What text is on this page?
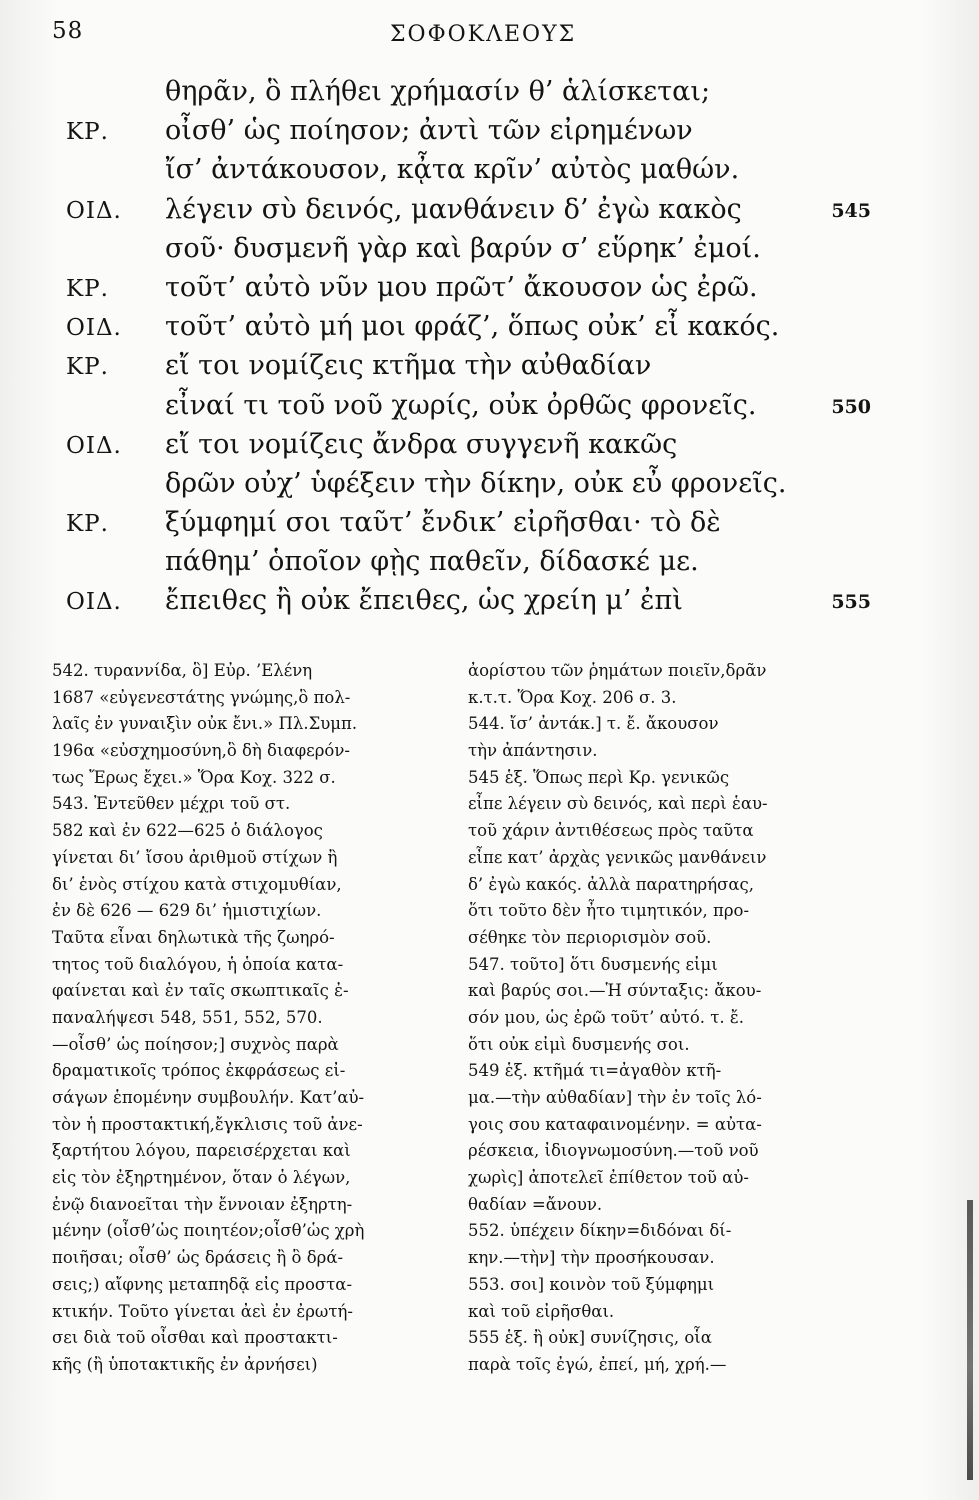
58	ΣΟΦΟΚΛΕΟΥΣ
θηρᾶν, ὃ πλήθει χρήμασίν θ’ ἁλίσκεται;
ΚΡ. οἶσθ’ ὡς ποίησον; ἀντὶ τῶν εἰρημένων
ἴσ’ ἀντάκουσον, κᾆτα κρῖν’ αὐτὸς μαθών.
ΟΙΔ. λέγειν σὺ δεινός, μανθάνειν δ’ ἐγὼ κακὸς	545
σοῦ· δυσμενῆ γὰρ καὶ βαρύν σ’ εὕρηκ’ ἐμοί.
ΚΡ. τοῦτ’ αὐτὸ νῦν μου πρῶτ’ ἄκουσον ὡς ἐρῶ.
ΟΙΔ. τοῦτ’ αὐτὸ μή μοι φράζ’, ὅπως οὐκ’ εἶ κακός.
ΚΡ. εἴ τοι νομίζεις κτῆμα τὴν αὐθαδίαν
εἶναί τι τοῦ νοῦ χωρίς, οὐκ ὀρθῶς φρονεῖς.	550
ΟΙΔ. εἴ τοι νομίζεις ἄνδρα συγγενῆ κακῶς
δρῶν οὐχ’ ὑφέξειν τὴν δίκην, οὐκ εὖ φρονεῖς.
ΚΡ. ξύμφημί σοι ταῦτ’ ἔνδικ’ εἰρῆσθαι· τὸ δὲ
πάθημ’ ὁποῖον φῂς παθεῖν, δίδασκέ με.
ΟΙΔ. ἔπειθες ἢ οὐκ ἔπειθες, ὡς χρείη μ’ ἐπὶ	555
542. τυραννίδα, ὃ] Εὐρ. ’Ελένη
1687 «εὐγενεστάτης γνώμης,ὃ πολ-
λαῖς ἐν γυναιξὶν οὐκ ἔνι.» Πλ.Συμπ.
196α «εὐσχημοσύνη,ὃ δὴ διαφερόν-
τως Ἔρως ἔχει.» Ὅρα Κοχ. 322 σ.
543. Ἐντεῦθεν μέχρι τοῦ στ.
582 καὶ ἐν 622—625 ὁ διάλογος
γίνεται δι’ ἴσου ἀριθμοῦ στίχων ἢ
δι’ ἑνὸς στίχου κατὰ στιχομυθίαν,
ἐν δὲ 626 — 629 δι’ ἡμιστιχίων.
Ταῦτα εἶναι δηλωτικὰ τῆς ζωηρό-
τητος τοῦ διαλόγου, ἡ ὁποία κατα-
φαίνεται καὶ ἐν ταῖς σκωπτικαῖς ἐ-
παναλήψεσι 548, 551, 552, 570.
—οἶσθ’ ὡς ποίησον;] συχνὸς παρὰ
δραματικοῖς τρόπος ἐκφράσεως εἰ-
σάγων ἑπομένην συμβουλήν. Κατ’αὐ-
τὸν ἡ προστακτική,ἔγκλισις τοῦ ἀνε-
ξαρτήτου λόγου, παρεισέρχεται καὶ
εἰς τὸν ἐξηρτημένον, ὅταν ὁ λέγων,
ἐνῷ διανοεῖται τὴν ἔννοιαν ἐξηρτη-
μένην (οἶσθ’ὡς ποιητέον;οἶσθ’ὡς χρὴ
ποιῆσαι; οἶσθ’ ὡς δράσεις ἢ ὃ δρά-
σεις;) αἴφνης μεταπηδᾷ εἰς προστα-
κτικήν. Τοῦτο γίνεται ἀεὶ ἐν ἐρωτή-
σει διὰ τοῦ οἶσθαι καὶ προστακτι-
κῆς (ἢ ὑποτακτικῆς ἐν ἀρνήσει)
ἀορίστου τῶν ῥημάτων ποιεῖν,δρᾶν
κ.τ.τ. Ὅρα Κοχ. 206 σ. 3.
544. ἴσ’ ἀντάκ.] τ. ἔ. ἄκουσον
τὴν ἀπάντησιν.
545 ἑξ. Ὅπως περὶ Κρ. γενικῶς
εἶπε λέγειν σὺ δεινός, καὶ περὶ ἑαυ-
τοῦ χάριν ἀντιθέσεως πρὸς ταῦτα
εἶπε κατ’ ἀρχὰς γενικῶς μανθάνειν
δ’ ἐγὼ κακός. ἀλλὰ παρατηρήσας,
ὅτι τοῦτο δὲν ἦτο τιμητικόν, προ-
σέθηκε τὸν περιορισμὸν σοῦ.
547. τοῦτο] ὅτι δυσμενής εἰμι
καὶ βαρύς σοι.—Ἡ σύνταξις: ἄκου-
σόν μου, ὡς ἐρῶ τοῦτ’ αὐτό. τ. ἔ.
ὅτι οὐκ εἰμὶ δυσμενής σοι.
549 ἑξ. κτῆμά τι=ἀγαθὸν κτῆ-
μα.—τὴν αὐθαδίαν] τὴν ἐν τοῖς λό-
γοις σου καταφαινομένην. = αὐτα-
ρέσκεια, ἰδιογνωμοσύνη.—τοῦ νοῦ
χωρὶς] ἀποτελεῖ ἐπίθετον τοῦ αὐ-
θαδίαν =ἄνουν.
552. ὑπέχειν δίκην=διδόναι δί-
κην.—τὴν] τὴν προσήκουσαν.
553. σοι] κοινὸν τοῦ ξύμφημι
καὶ τοῦ εἰρῆσθαι.
555 ἑξ. ἢ οὐκ] συνίζησις, οἷα
παρὰ τοῖς ἐγώ, ἐπεί, μή, χρή.—
